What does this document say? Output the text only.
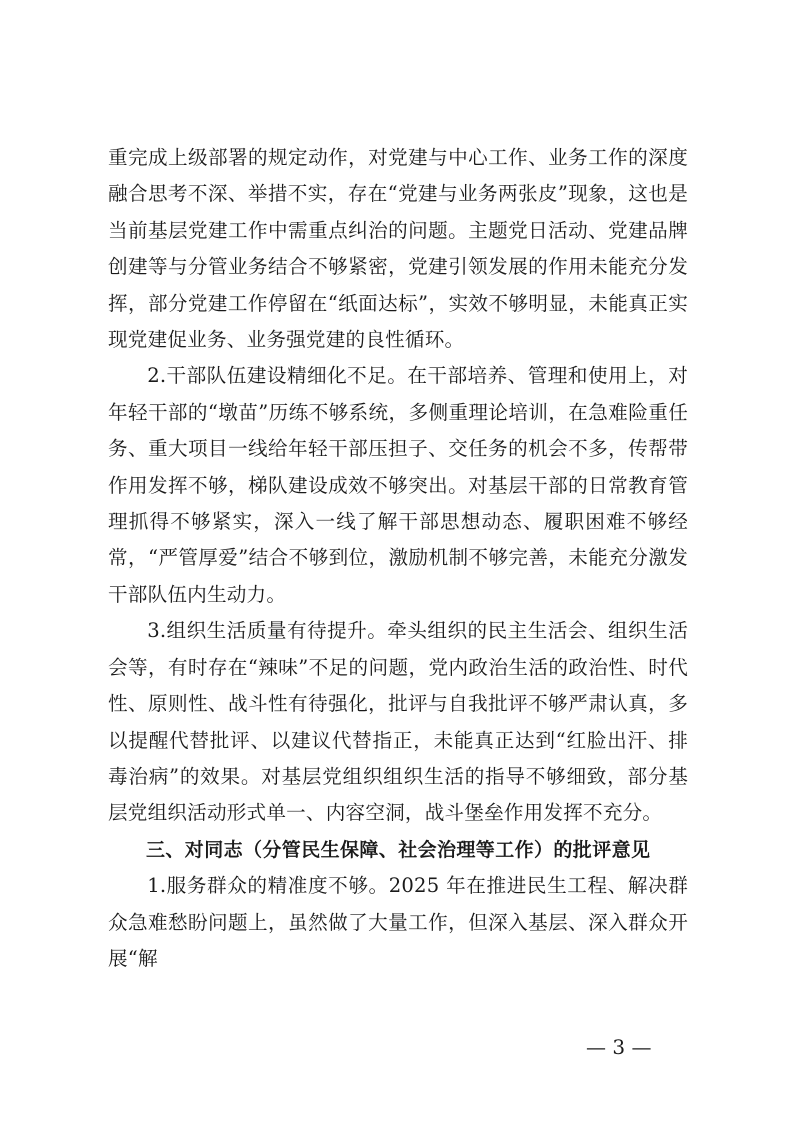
重完成上级部署的规定动作，对党建与中心工作、业务工作的深度融合思考不深、举措不实，存在“党建与业务两张皮”现象，这也是当前基层党建工作中需重点纠治的问题。主题党日活动、党建品牌创建等与分管业务结合不够紧密，党建引领发展的作用未能充分发挥，部分党建工作停留在“纸面达标”，实效不够明显，未能真正实现党建促业务、业务强党建的良性循环。

2.干部队伍建设精细化不足。在干部培养、管理和使用上，对年轻干部的“墩苗”历练不够系统，多侧重理论培训，在急难险重任务、重大项目一线给年轻干部压担子、交任务的机会不多，传帮带作用发挥不够，梯队建设成效不够突出。对基层干部的日常教育管理抓得不够紧实，深入一线了解干部思想动态、履职困难不够经常，“严管厚爱”结合不够到位，激励机制不够完善，未能充分激发干部队伍内生动力。

3.组织生活质量有待提升。牵头组织的民主生活会、组织生活会等，有时存在“辣味”不足的问题，党内政治生活的政治性、时代性、原则性、战斗性有待强化，批评与自我批评不够严肃认真，多以提醒代替批评、以建议代替指正，未能真正达到“红脸出汗、排毒治病”的效果。对基层党组织组织生活的指导不够细致，部分基层党组织活动形式单一、内容空洞，战斗堡垒作用发挥不充分。

三、对同志（分管民生保障、社会治理等工作）的批评意见

1.服务群众的精准度不够。2025 年在推进民生工程、解决群众急难愁盼问题上，虽然做了大量工作，但深入基层、深入群众开展“解

— 3 —
